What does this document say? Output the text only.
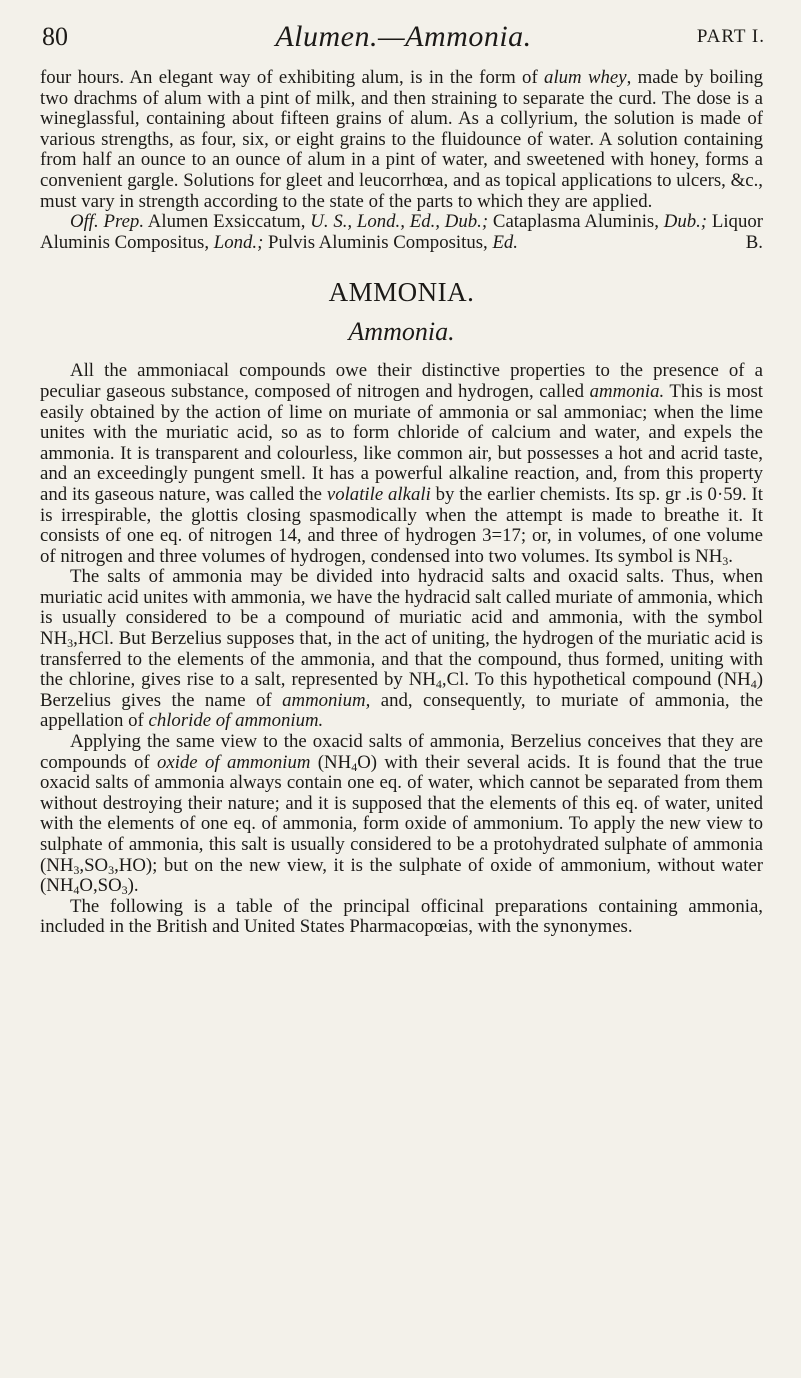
80	Alumen.—Ammonia.	PART I.

four hours. An elegant way of exhibiting alum, is in the form of alum whey, made by boiling two drachms of alum with a pint of milk, and then straining to separate the curd. The dose is a wineglassful, containing about fifteen grains of alum. As a collyrium, the solution is made of various strengths, as four, six, or eight grains to the fluidounce of water. A solution containing from half an ounce to an ounce of alum in a pint of water, and sweetened with honey, forms a convenient gargle. Solutions for gleet and leucorrhœa, and as topical applications to ulcers, &c., must vary in strength according to the state of the parts to which they are applied.

Off. Prep. Alumen Exsiccatum, U. S., Lond., Ed., Dub.; Cataplasma Aluminis, Dub.; Liquor Aluminis Compositus, Lond.; Pulvis Aluminis Compositus, Ed.	B.

AMMONIA.
Ammonia.

All the ammoniacal compounds owe their distinctive properties to the presence of a peculiar gaseous substance, composed of nitrogen and hydrogen, called ammonia. This is most easily obtained by the action of lime on muriate of ammonia or sal ammoniac; when the lime unites with the muriatic acid, so as to form chloride of calcium and water, and expels the ammonia. It is transparent and colourless, like common air, but possesses a hot and acrid taste, and an exceedingly pungent smell. It has a powerful alkaline reaction, and, from this property and its gaseous nature, was called the volatile alkali by the earlier chemists. Its sp. gr .is 0·59. It is irrespirable, the glottis closing spasmodically when the attempt is made to breathe it. It consists of one eq. of nitrogen 14, and three of hydrogen 3=17; or, in volumes, of one volume of nitrogen and three volumes of hydrogen, condensed into two volumes. Its symbol is $NH_3$.

The salts of ammonia may be divided into hydracid salts and oxacid salts. Thus, when muriatic acid unites with ammonia, we have the hydracid salt called muriate of ammonia, which is usually considered to be a compound of muriatic acid and ammonia, with the symbol $NH_3,HCl$. But Berzelius supposes that, in the act of uniting, the hydrogen of the muriatic acid is transferred to the elements of the ammonia, and that the compound, thus formed, uniting with the chlorine, gives rise to a salt, represented by $NH_4,Cl$. To this hypothetical compound $(NH_4)$ Berzelius gives the name of ammonium, and, consequently, to muriate of ammonia, the appellation of chloride of ammonium.

Applying the same view to the oxacid salts of ammonia, Berzelius conceives that they are compounds of oxide of ammonium $(NH_4O)$ with their several acids. It is found that the true oxacid salts of ammonia always contain one eq. of water, which cannot be separated from them without destroying their nature; and it is supposed that the elements of this eq. of water, united with the elements of one eq. of ammonia, form oxide of ammonium. To apply the new view to sulphate of ammonia, this salt is usually considered to be a protohydrated sulphate of ammonia $(NH_3,SO_3,HO)$; but on the new view, it is the sulphate of oxide of ammonium, without water $(NH_4O,SO_3)$.

The following is a table of the principal officinal preparations containing ammonia, included in the British and United States Pharmacopœias, with the synonymes.
